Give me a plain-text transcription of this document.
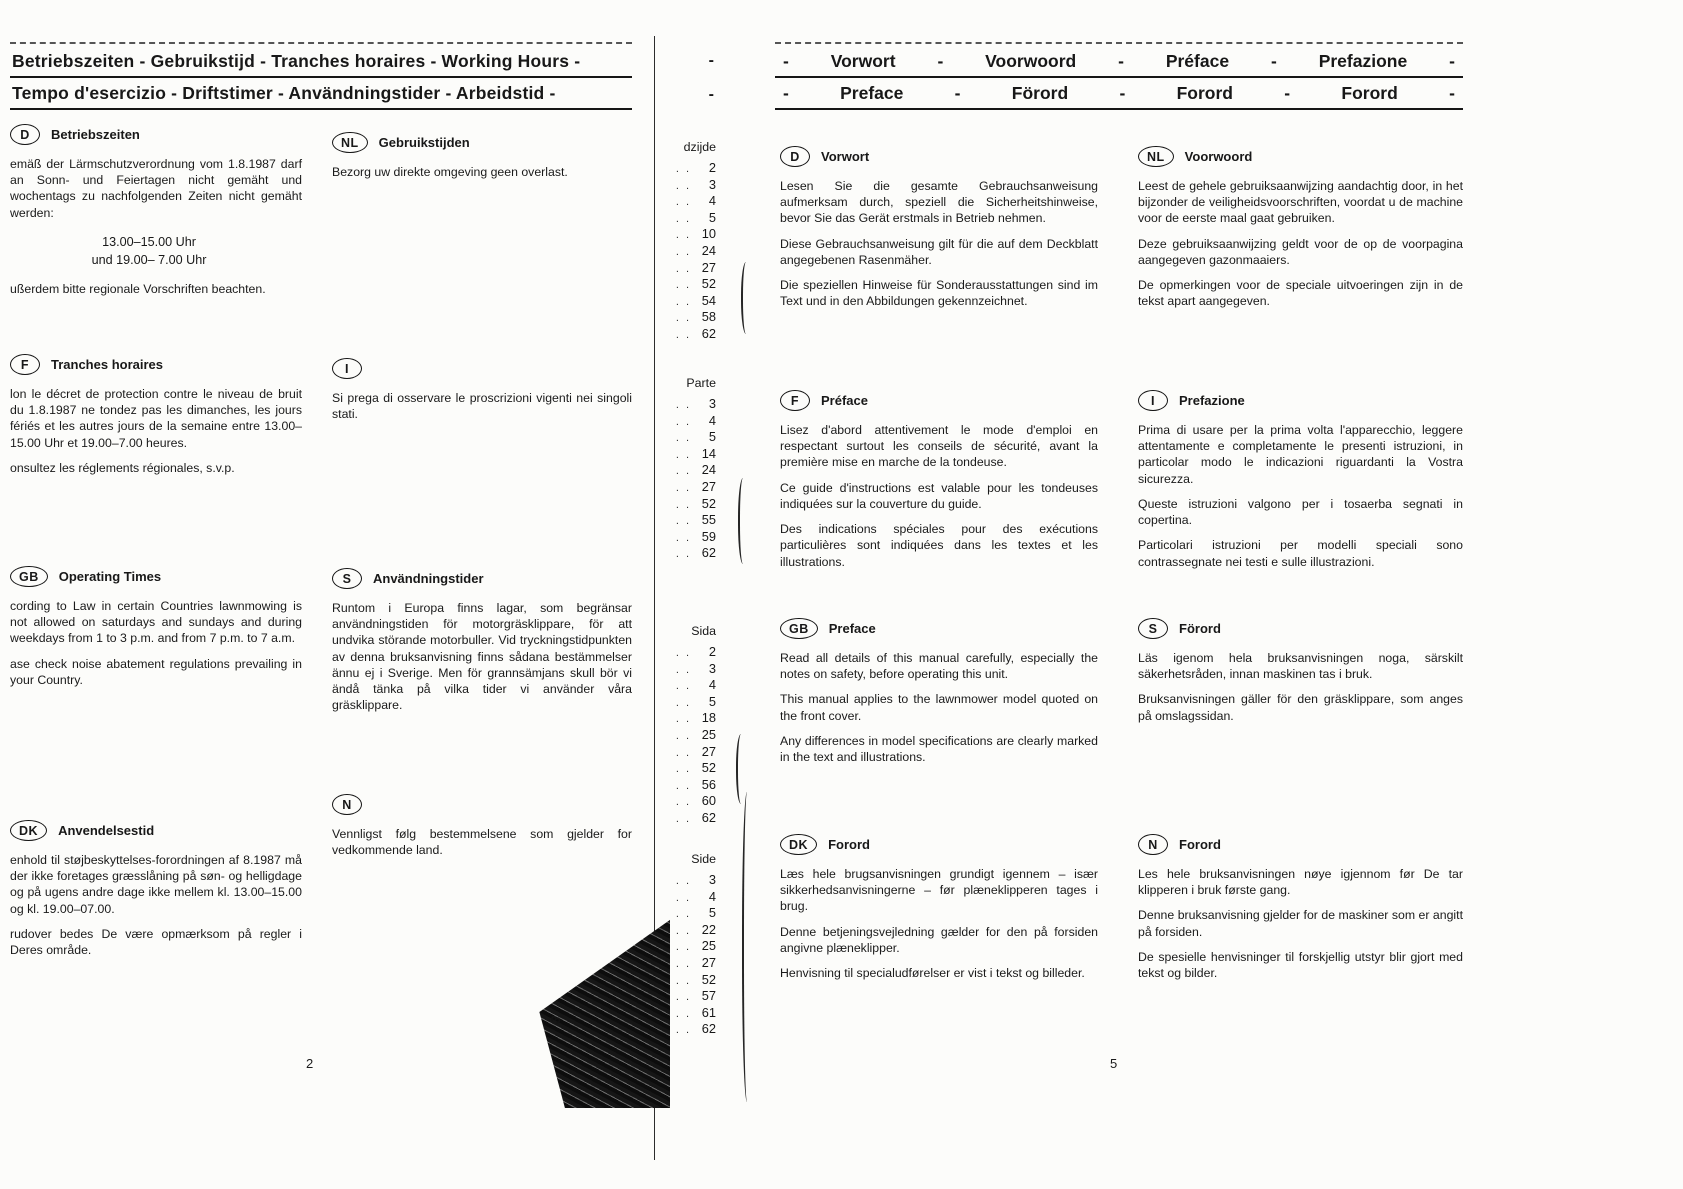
Betriebszeiten - Gebruikstijd - Tranches horaires - Working Hours -
Tempo d'esercizio - Driftstimer - Användningstider - Arbeidstid -
D Betriebszeiten

emäß der Lärmschutzverordnung vom 1.8.1987 darf an Sonn- und Feiertagen nicht gemäht und wochentags zu nachfolgenden Zeiten nicht gemäht werden:

13.00–15.00 Uhr
und 19.00– 7.00 Uhr

ußerdem bitte regionale Vorschriften beachten.

F Tranches horaires

lon le décret de protection contre le niveau de bruit du 1.8.1987 ne tondez pas les dimanches, les jours fériés et les autres jours de la semaine entre 13.00–15.00 Uhr et 19.00–7.00 heures.

onsultez les réglements régionales, s.v.p.

GB Operating Times

cording to Law in certain Countries lawnmowing is not allowed on saturdays and sundays and during weekdays from 1 to 3 p.m. and from 7 p.m. to 7 a.m.

ase check noise abatement regulations prevailing in your Country.

DK Anvendelsestid

enhold til støjbeskyttelses-forordningen af 8.1987 må der ikke foretages græsslåning på søn- og helligdage og på ugens andre dage ikke mellem kl. 13.00–15.00 og kl. 19.00–07.00.

rudover bedes De være opmærksom på regler i Deres område.

NL Gebruikstijden

Bezorg uw direkte omgeving geen overlast.

I

Si prega di osservare le proscrizioni vigenti nei singoli stati.

S Användningstider

Runtom i Europa finns lagar, som begränsar användningstiden för motorgräsklippare, för att undvika störande motorbuller. Vid tryckningstidpunkten av denna bruksanvisning finns sådana bestämmelser ännu ej i Sverige. Men för grannsämjans skull bör vi ändå tänka på vilka tider vi använder våra gräsklippare.

N

Vennligst følg bestemmelsene som gjelder for vedkommende land.

2
-
-
dzijde
. .	2
. .	3
. .	4
. .	5
. . 10
. . 24
. . 27
. . 52
. . 54
. . 58
. . 62
Parte
. .	3
. .	4
. .	5
. . 14
. . 24
. . 27
. . 52
. . 55
. . 59
. . 62
Sida
. .	2
. .	3
. .	4
. .	5
. . 18
. . 25
. . 27
. . 52
. . 56
. . 60
. . 62
Side
. .	3
. .	4
. .	5
. . 22
. . 25
. . 27
. . 52
. . 57
. . 61
. . 62
3
- Vorwort - Voorwoord - Préface - Prefazione -
-	Preface	-	Förord	-	Forord	-	Forord	-
D Vorwort

Lesen Sie die gesamte Gebrauchsanweisung aufmerksam durch, speziell die Sicherheitshinweise, bevor Sie das Gerät erstmals in Betrieb nehmen.

Diese Gebrauchsanweisung gilt für die auf dem Deckblatt angegebenen Rasenmäher.

Die speziellen Hinweise für Sonderausstattungen sind im Text und in den Abbildungen gekennzeichnet.

F Préface

Lisez d'abord attentivement le mode d'emploi en respectant surtout les conseils de sécurité, avant la première mise en marche de la tondeuse.

Ce guide d'instructions est valable pour les tondeuses indiquées sur la couverture du guide.

Des indications spéciales pour des exécutions particulières sont indiquées dans les textes et les illustrations.

GB Preface

Read all details of this manual carefully, especially the notes on safety, before operating this unit.

This manual applies to the lawnmower model quoted on the front cover.

Any differences in model specifications are clearly marked in the text and illustrations.

DK Forord

Læs hele brugsanvisningen grundigt igennem – især sikkerhedsanvisningerne – før plæneklipperen tages i brug.

Denne betjeningsvejledning gælder for den på forsiden angivne plæneklipper.

Henvisning til specialudførelser er vist i tekst og billeder.

NL Voorwoord

Leest de gehele gebruiksaanwijzing aandachtig door, in het bijzonder de veiligheidsvoorschriften, voordat u de machine voor de eerste maal gaat gebruiken.

Deze gebruiksaanwijzing geldt voor de op de voorpagina aangegeven gazonmaaiers.

De opmerkingen voor de speciale uitvoeringen zijn in de tekst apart aangegeven.

I Prefazione

Prima di usare per la prima volta l'apparecchio, leggere attentamente e completamente le presenti istruzioni, in particolar modo le indicazioni riguardanti la Vostra sicurezza.

Queste istruzioni valgono per i tosaerba segnati in copertina.

Particolari istruzioni per modelli speciali sono contrassegnate nei testi e sulle illustrazioni.

S Förord

Läs igenom hela bruksanvisningen noga, särskilt säkerhetsråden, innan maskinen tas i bruk.

Bruksanvisningen gäller för den gräsklippare, som anges på omslagssidan.

N Forord

Les hele bruksanvisningen nøye igjennom før De tar klipperen i bruk første gang.

Denne bruksanvisning gjelder for de maskiner som er angitt på forsiden.

De spesielle henvisninger til forskjellig utstyr blir gjort med tekst og bilder.

5
